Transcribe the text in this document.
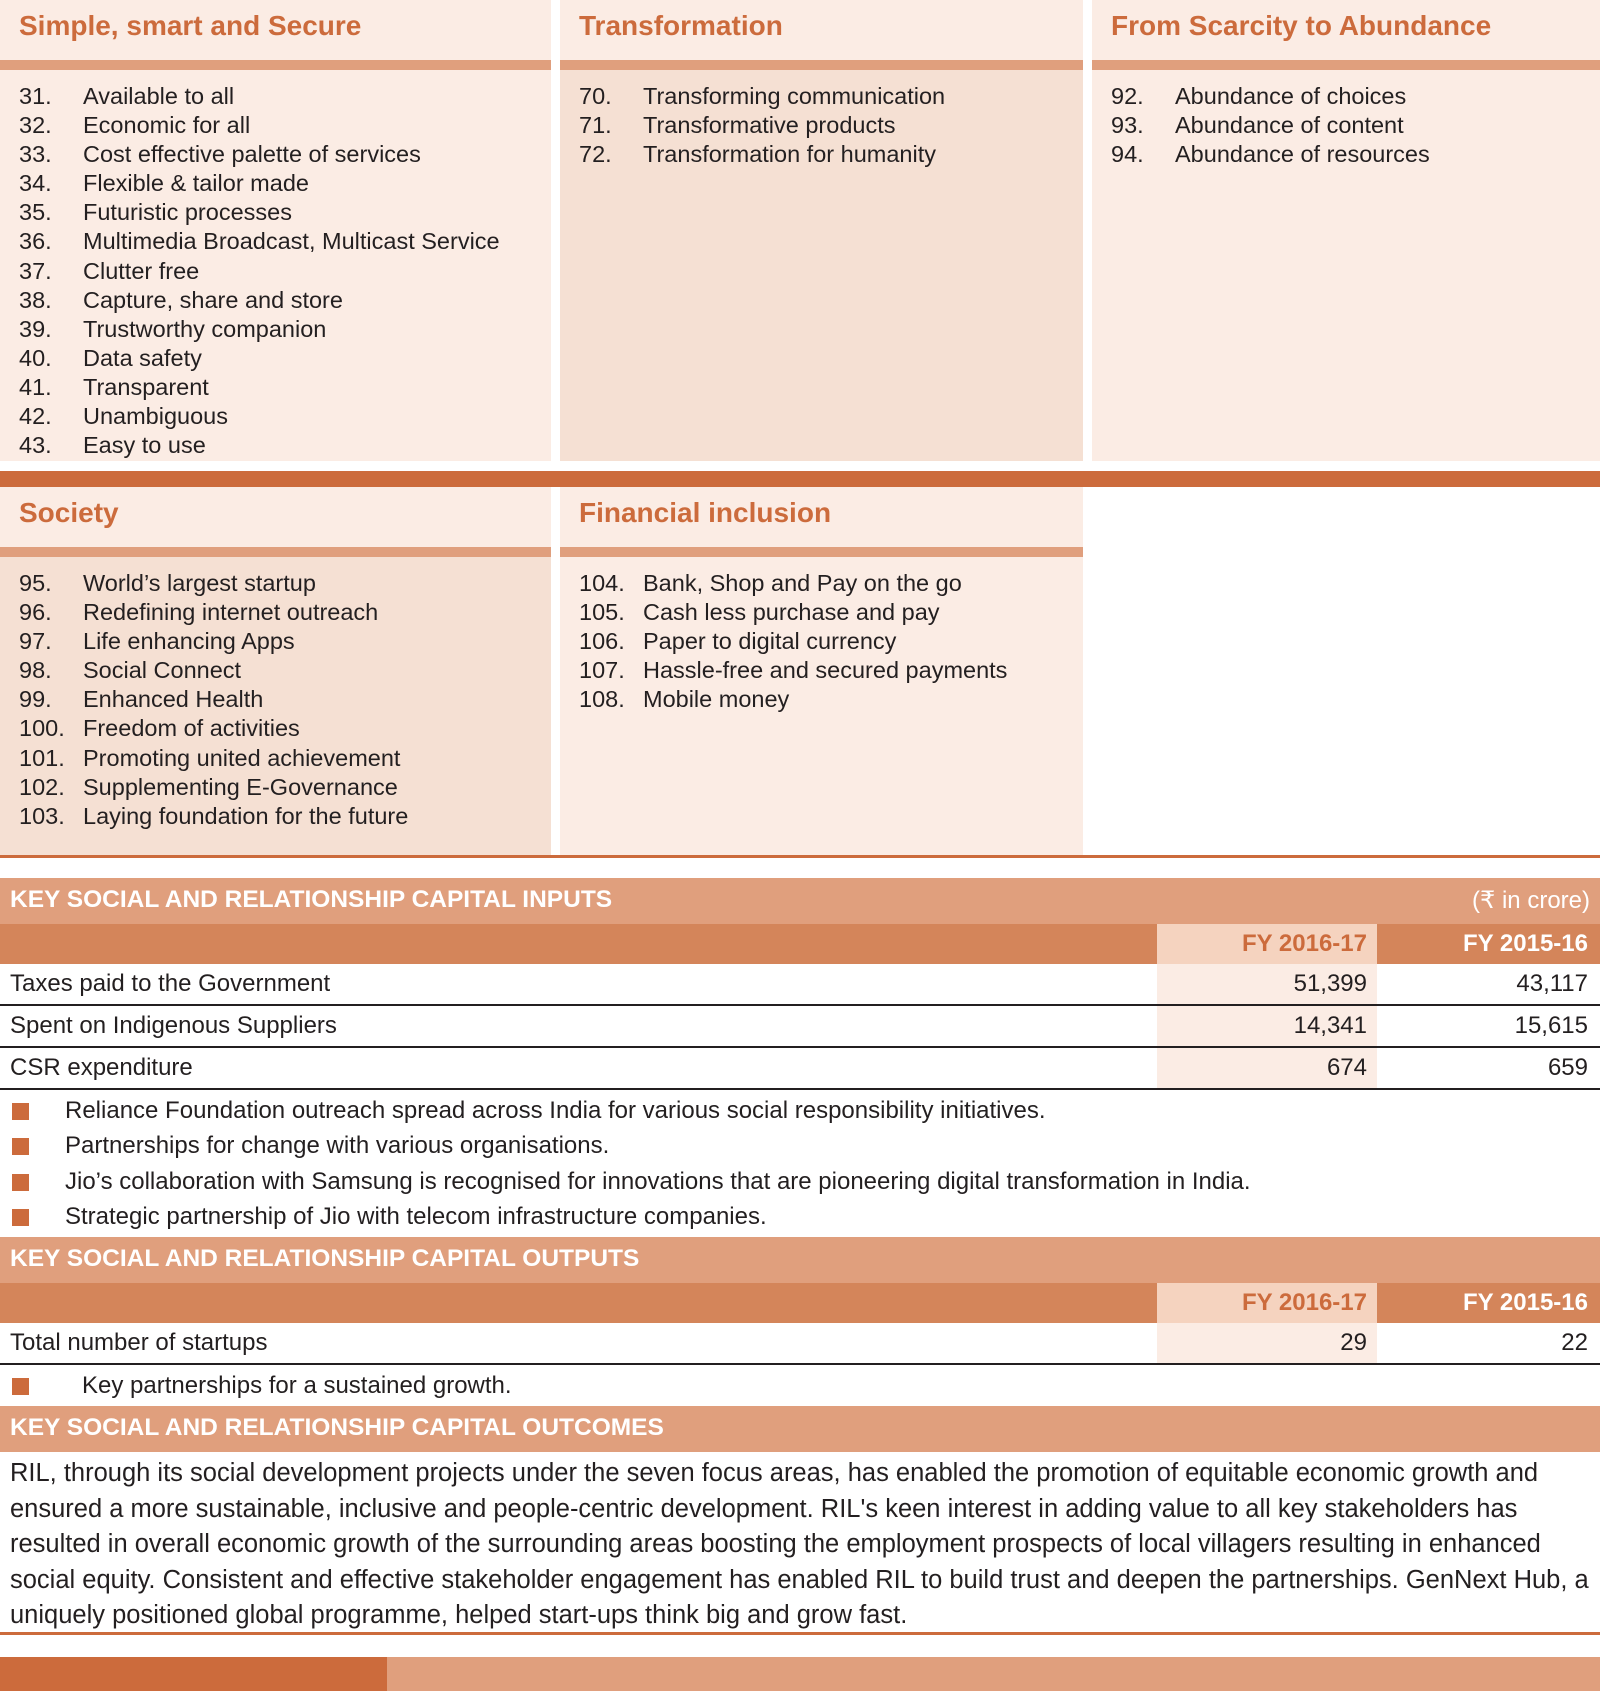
Simple, smart and Secure
31.	Available to all
32.	Economic for all
33.	Cost effective palette of services
34.	Flexible & tailor made
35.	Futuristic processes
36.	Multimedia Broadcast, Multicast Service
37.	Clutter free
38.	Capture, share and store
39.	Trustworthy companion
40.	Data safety
41.	Transparent
42.	Unambiguous
43.	Easy to use
Transformation
70.	Transforming communication
71.	Transformative products
72.	Transformation for humanity
From Scarcity to Abundance
92.	Abundance of choices
93.	Abundance of content
94.	Abundance of resources
Society
95.	World’s largest startup
96.	Redefining internet outreach
97.	Life enhancing Apps
98.	Social Connect
99.	Enhanced Health
100. Freedom of activities
101. Promoting united achievement
102. Supplementing E-Governance
103. Laying foundation for the future
Financial inclusion
104. Bank, Shop and Pay on the go
105. Cash less purchase and pay
106. Paper to digital currency
107. Hassle-free and secured payments
108. Mobile money
KEY SOCIAL AND RELATIONSHIP CAPITAL INPUTS	(₹ in crore)
FY 2016-17	FY 2015-16
Taxes paid to the Government	51,399	43,117
Spent on Indigenous Suppliers	14,341	15,615
CSR expenditure	674	659
Reliance Foundation outreach spread across India for various social responsibility initiatives.
Partnerships for change with various organisations.
Jio’s collaboration with Samsung is recognised for innovations that are pioneering digital transformation in India.
Strategic partnership of Jio with telecom infrastructure companies.
KEY SOCIAL AND RELATIONSHIP CAPITAL OUTPUTS
FY 2016-17	FY 2015-16
Total number of startups	29	22
Key partnerships for a sustained growth.
KEY SOCIAL AND RELATIONSHIP CAPITAL OUTCOMES

RIL, through its social development projects under the seven focus areas, has enabled the promotion of equitable economic growth and ensured a more sustainable, inclusive and people-centric development. RIL's keen interest in adding value to all key stakeholders has resulted in overall economic growth of the surrounding areas boosting the employment prospects of local villagers resulting in enhanced social equity. Consistent and effective stakeholder engagement has enabled RIL to build trust and deepen the partnerships. GenNext Hub, a uniquely positioned global programme, helped start-ups think big and grow fast.
